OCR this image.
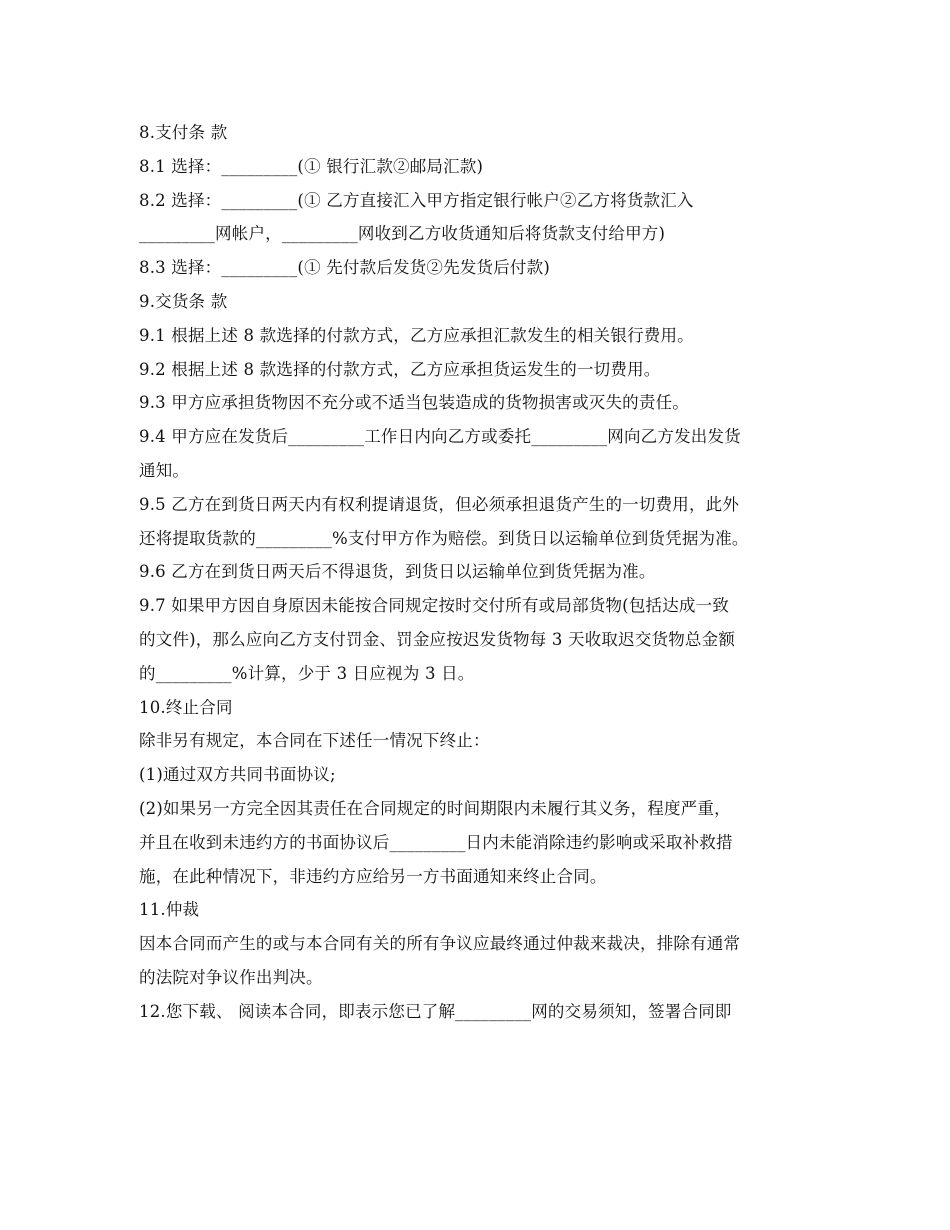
8.支付条 款
8.1 选择：_________(① 银行汇款②邮局汇款)
8.2 选择：_________(① 乙方直接汇入甲方指定银行帐户②乙方将货款汇入
_________网帐户，_________网收到乙方收货通知后将货款支付给甲方)
8.3 选择：_________(① 先付款后发货②先发货后付款)
9.交货条 款
9.1 根据上述 8 款选择的付款方式，乙方应承担汇款发生的相关银行费用。
9.2 根据上述 8 款选择的付款方式，乙方应承担货运发生的一切费用。
9.3 甲方应承担货物因不充分或不适当包装造成的货物损害或灭失的责任。
9.4 甲方应在发货后_________工作日内向乙方或委托_________网向乙方发出发货
通知。
9.5 乙方在到货日两天内有权利提请退货，但必须承担退货产生的一切费用，此外
还将提取货款的_________%支付甲方作为赔偿。到货日以运输单位到货凭据为准。
9.6 乙方在到货日两天后不得退货，到货日以运输单位到货凭据为准。
9.7 如果甲方因自身原因未能按合同规定按时交付所有或局部货物(包括达成一致
的文件)，那么应向乙方支付罚金、罚金应按迟发货物每 3 天收取迟交货物总金额
的_________%计算，少于 3 日应视为 3 日。
10.终止合同
除非另有规定，本合同在下述任一情况下终止：
(1)通过双方共同书面协议;
(2)如果另一方完全因其责任在合同规定的时间期限内未履行其义务，程度严重，
并且在收到未违约方的书面协议后_________日内未能消除违约影响或采取补救措
施，在此种情况下，非违约方应给另一方书面通知来终止合同。
11.仲裁
因本合同而产生的或与本合同有关的所有争议应最终通过仲裁来裁决，排除有通常
的法院对争议作出判决。
12.您下载、 阅读本合同，即表示您已了解_________网的交易须知，签署合同即
